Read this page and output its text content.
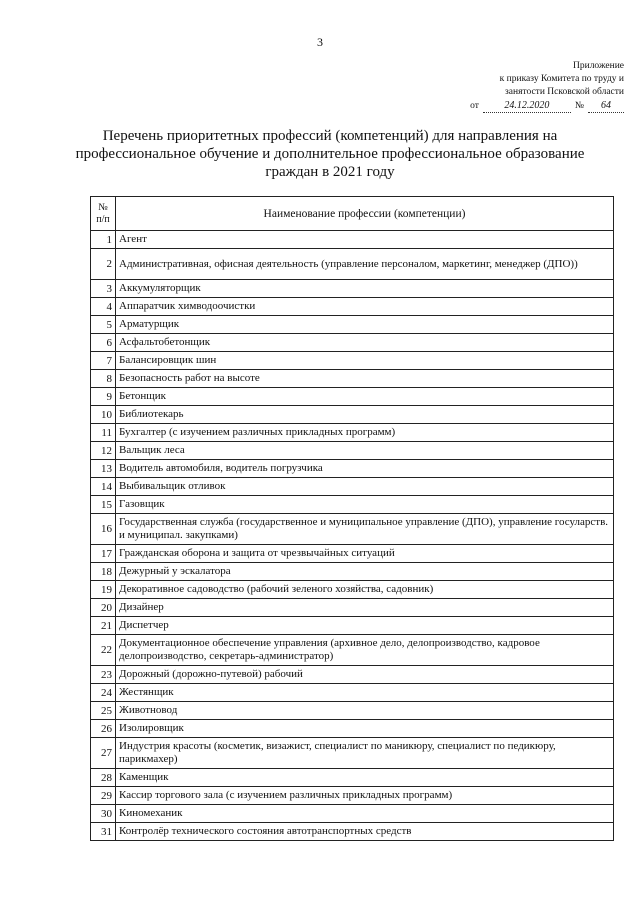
3
Приложение
к приказу Комитета по труду и
занятости Псковской области
от	24.12.2020	№	64
Перечень приоритетных профессий (компетенций) для направления на
профессиональное обучение и дополнительное профессиональное образование
граждан в 2021 году
№ п/п	Наименование профессии (компетенции)
1	Агент
2	Административная, офисная деятельность (управление персоналом, маркетинг, менеджер (ДПО))
3	Аккумуляторщик
4	Аппаратчик химводоочистки
5	Арматурщик
6	Асфальтобетонщик
7	Балансировщик шин
8	Безопасность работ на высоте
9	Бетонщик
10	Библиотекарь
11	Бухгалтер (с изучением различных прикладных программ)
12	Вальщик леса
13	Водитель автомобиля, водитель погрузчика
14	Выбивальщик отливок
15	Газовщик
16	Государственная служба (государственное и муниципальное управление (ДПО), управление госуларств. и муниципал. закупками)
17	Гражданская оборона и защита от чрезвычайных ситуаций
18	Дежурный у эскалатора
19	Декоративное садоводство (рабочий зеленого хозяйства, садовник)
20	Дизайнер
21	Диспетчер
22	Документационное обеспечение управления (архивное дело, делопроизводство, кадровое делопроизводство, секретарь-администратор)
23	Дорожный (дорожно-путевой) рабочий
24	Жестянщик
25	Животновод
26	Изолировщик
27	Индустрия красоты (косметик, визажист, специалист по маникюру, специалист по педикюру, парикмахер)
28	Каменщик
29	Кассир торгового зала (с изучением различных прикладных программ)
30	Киномеханик
31	Контролёр технического состояния автотранспортных средств
